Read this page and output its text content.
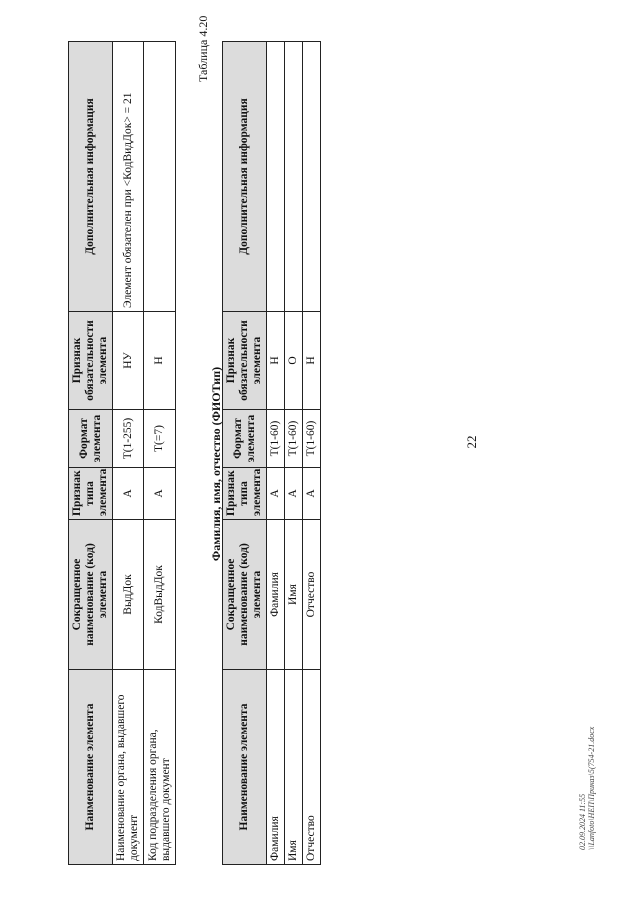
22
Наименование элемента	Сокращенное наименование (код) элемента	Признак типа элемента	Формат элемента	Признак обязательности элемента	Дополнительная информация
Наименование органа, выдавшего документ	ВыдДок	А	T(1-255)	НУ	Элемент обязателен при <КодВидДок> = 21
Код подразделения органа, выдавшего документ	КодВыдДок	А	T(=7)	Н	
Таблица 4.20
Фамилия, имя, отчество (ФИОТип)
Наименование элемента	Сокращенное наименование (код) элемента	Признак типа элемента	Формат элемента	Признак обязательности элемента	Дополнительная информация
Фамилия	Фамилия	А	T(1-60)	Н	
Имя	Имя	А	T(1-60)	О	
Отчество	Отчество	А	T(1-60)	Н	
02.09.2024 11:55 \\Lanfoto\НЕП\Приказ\5(754-21.docx
